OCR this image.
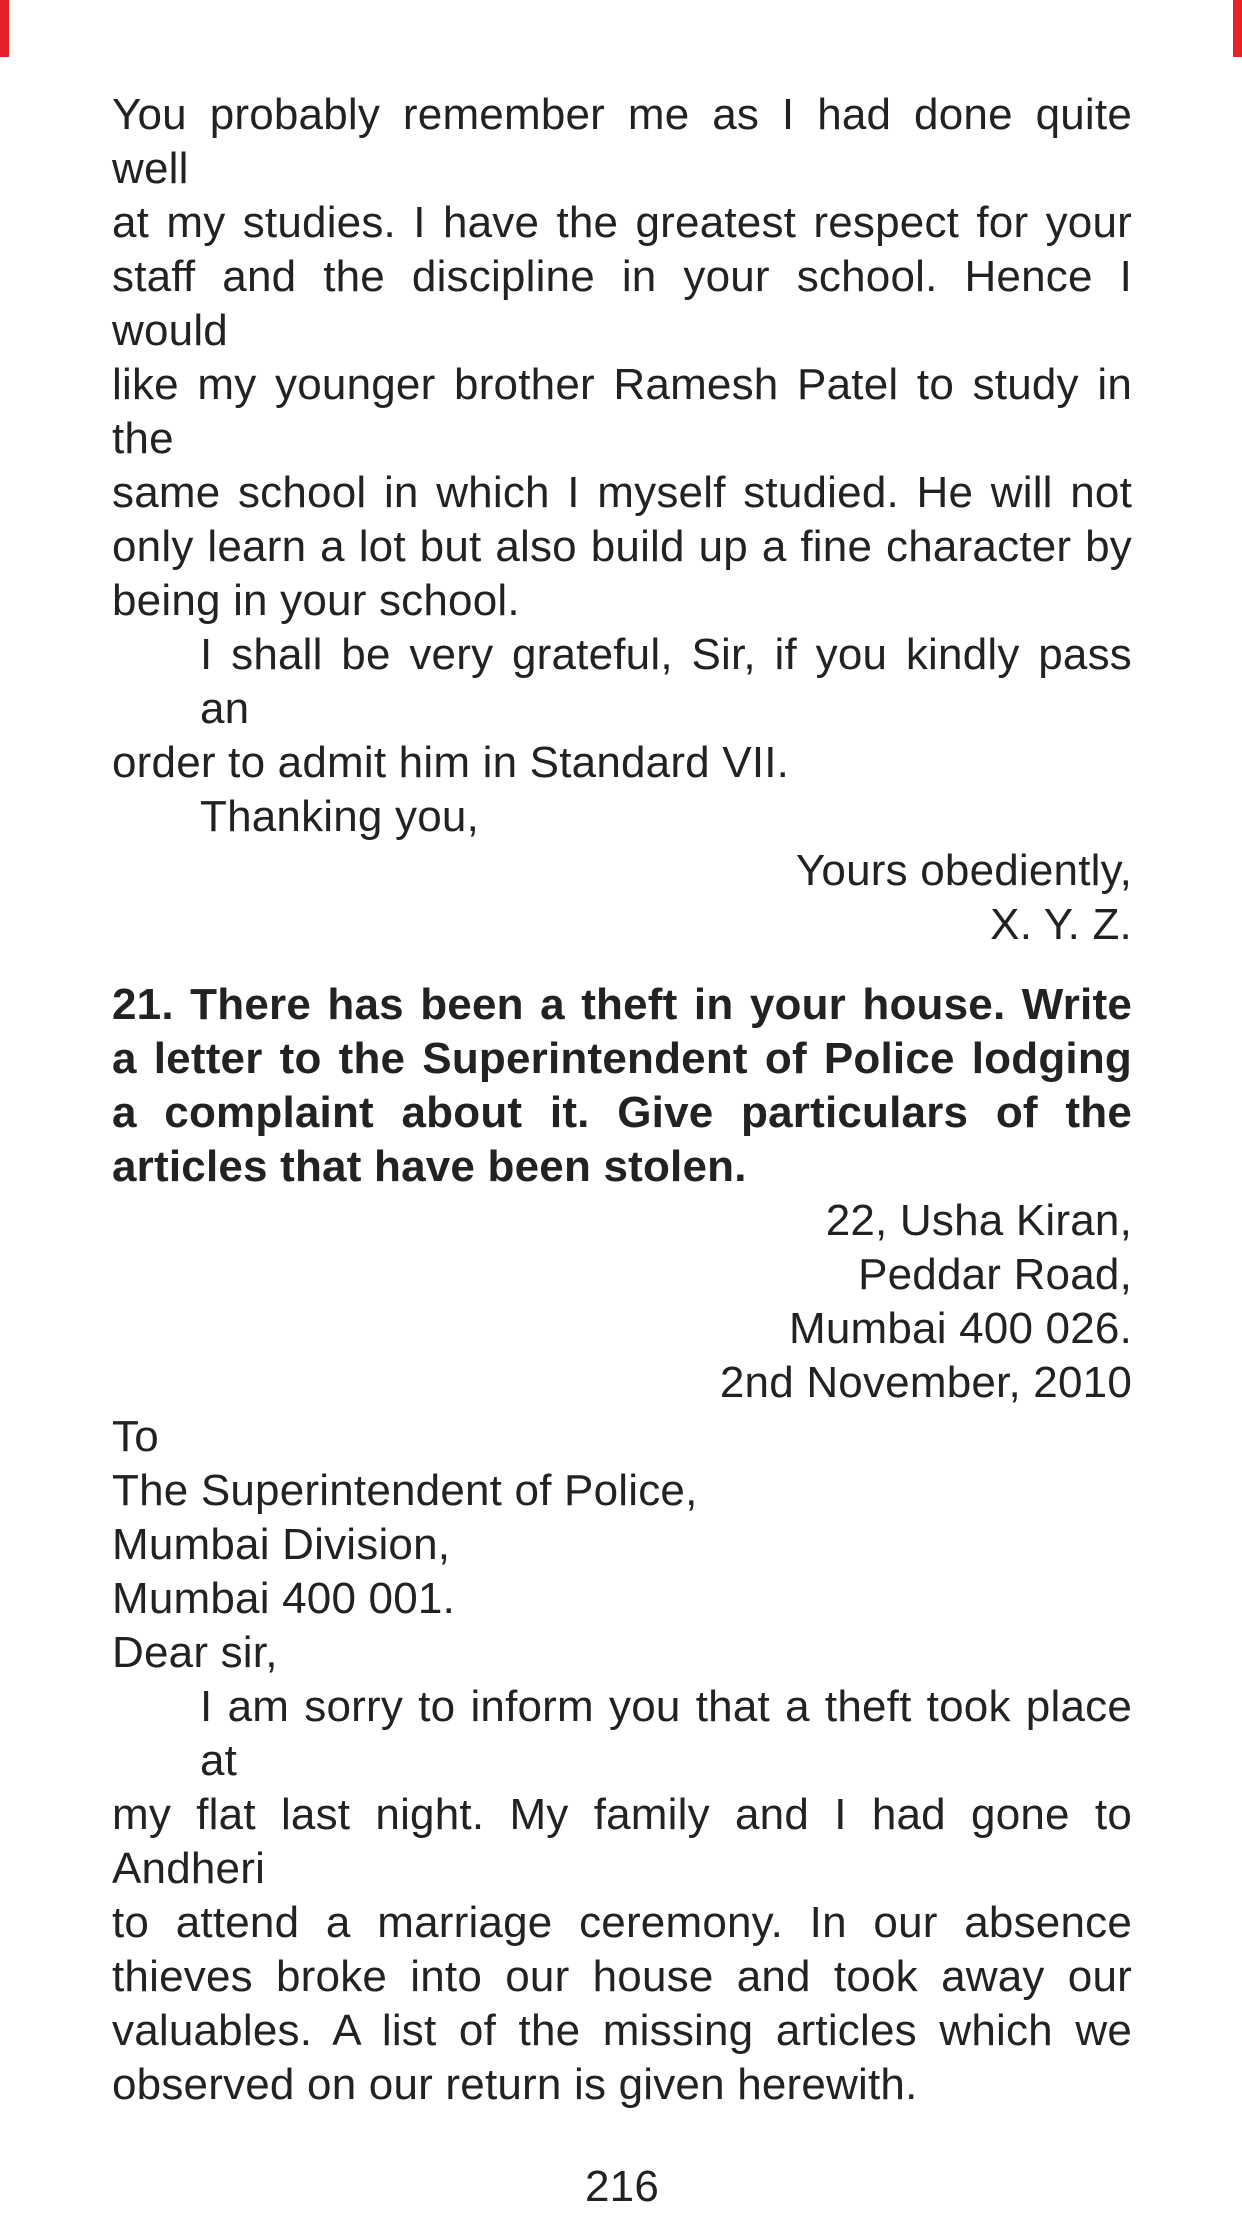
You probably remember me as I had done quite well
at my studies. I have the greatest respect for your
staff and the discipline in your school. Hence I would
like my younger brother Ramesh Patel to study in the
same school in which I myself studied. He will not
only learn a lot but also build up a fine character by
being in your school.
I shall be very grateful, Sir, if you kindly pass an
order to admit him in Standard VII.
Thanking you,
Yours obediently,
X. Y. Z.
21. There has been a theft in your house. Write
a letter to the Superintendent of Police lodging
a complaint about it. Give particulars of the
articles that have been stolen.
22, Usha Kiran,
Peddar Road,
Mumbai 400 026.
2nd November, 2010
To
The Superintendent of Police,
Mumbai Division,
Mumbai 400 001.
Dear sir,
I am sorry to inform you that a theft took place at
my flat last night. My family and I had gone to Andheri
to attend a marriage ceremony. In our absence
thieves broke into our house and took away our
valuables. A list of the missing articles which we
observed on our return is given herewith.
216
